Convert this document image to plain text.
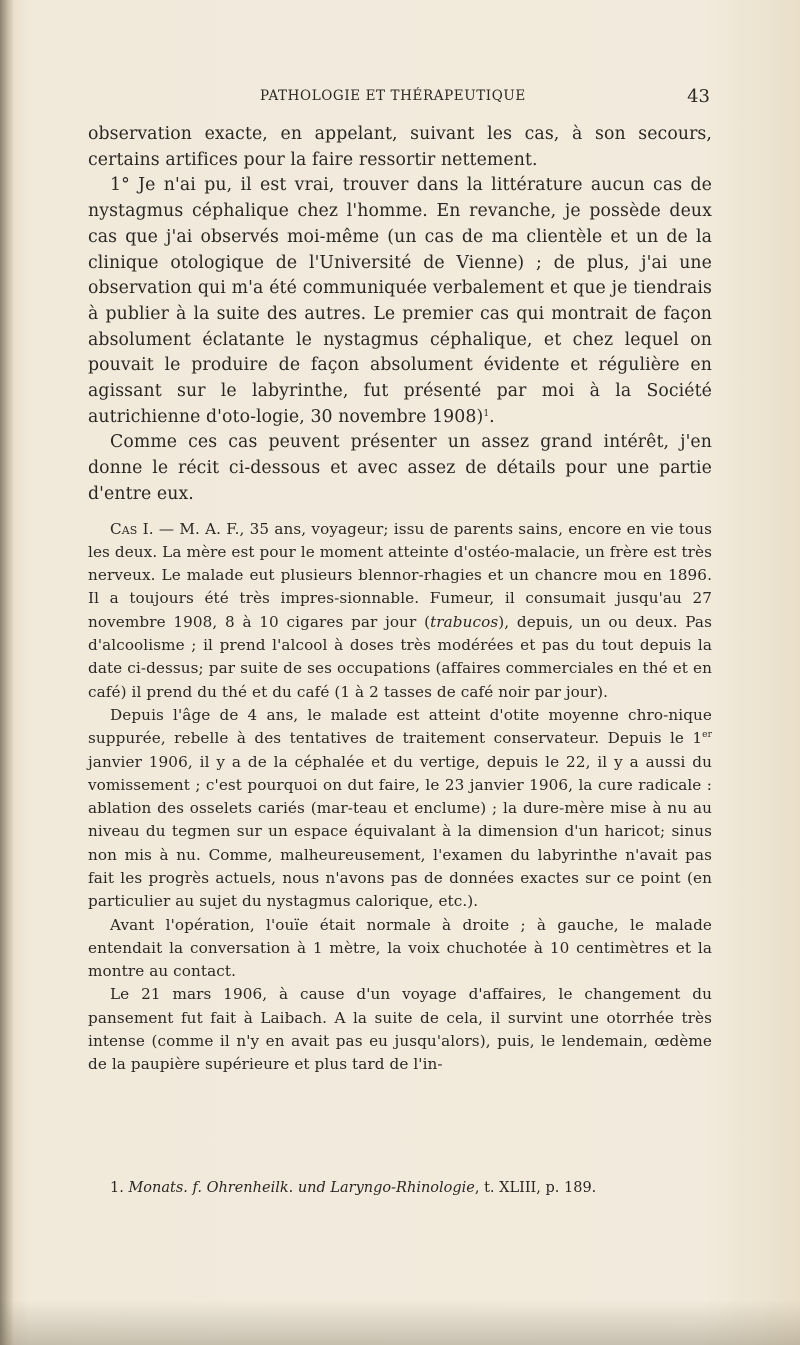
PATHOLOGIE ET THÉRAPEUTIQUE	43

observation exacte, en appelant, suivant les cas, à son secours, certains artifices pour la faire ressortir nettement.

1° Je n'ai pu, il est vrai, trouver dans la littérature aucun cas de nystagmus céphalique chez l'homme. En revanche, je possède deux cas que j'ai observés moi-même (un cas de ma clientèle et un de la clinique otologique de l'Université de Vienne) ; de plus, j'ai une observation qui m'a été communiquée verbalement et que je tiendrais à publier à la suite des autres. Le premier cas qui montrait de façon absolument éclatante le nystagmus céphalique, et chez lequel on pouvait le produire de façon absolument évidente et régulière en agissant sur le labyrinthe, fut présenté par moi à la Société autrichienne d'oto-logie, 30 novembre 1908)$^1$.

Comme ces cas peuvent présenter un assez grand intérêt, j'en donne le récit ci-dessous et avec assez de détails pour une partie d'entre eux.

Cas I. — M. A. F., 35 ans, voyageur; issu de parents sains, encore en vie tous les deux. La mère est pour le moment atteinte d'ostéo-malacie, un frère est très nerveux. Le malade eut plusieurs blennor-rhagies et un chancre mou en 1896. Il a toujours été très impres-sionnable. Fumeur, il consumait jusqu'au 27 novembre 1908, 8 à 10 cigares par jour (trabucos), depuis, un ou deux. Pas d'alcoolisme ; il prend l'alcool à doses très modérées et pas du tout depuis la date ci-dessus; par suite de ses occupations (affaires commerciales en thé et en café) il prend du thé et du café (1 à 2 tasses de café noir par jour).

Depuis l'âge de 4 ans, le malade est atteint d'otite moyenne chro-nique suppurée, rebelle à des tentatives de traitement conservateur. Depuis le 1er janvier 1906, il y a de la céphalée et du vertige, depuis le 22, il y a aussi du vomissement ; c'est pourquoi on dut faire, le 23 janvier 1906, la cure radicale : ablation des osselets cariés (mar-teau et enclume) ; la dure-mère mise à nu au niveau du tegmen sur un espace équivalant à la dimension d'un haricot; sinus non mis à nu. Comme, malheureusement, l'examen du labyrinthe n'avait pas fait les progrès actuels, nous n'avons pas de données exactes sur ce point (en particulier au sujet du nystagmus calorique, etc.).

Avant l'opération, l'ouïe était normale à droite ; à gauche, le malade entendait la conversation à 1 mètre, la voix chuchotée à 10 centimètres et la montre au contact.

Le 21 mars 1906, à cause d'un voyage d'affaires, le changement du pansement fut fait à Laibach. A la suite de cela, il survint une otorrhée très intense (comme il n'y en avait pas eu jusqu'alors), puis, le lendemain, œdème de la paupière supérieure et plus tard de l'in-

1. Monats. f. Ohrenheilk. und Laryngo-Rhinologie, t. XLIII, p. 189.
